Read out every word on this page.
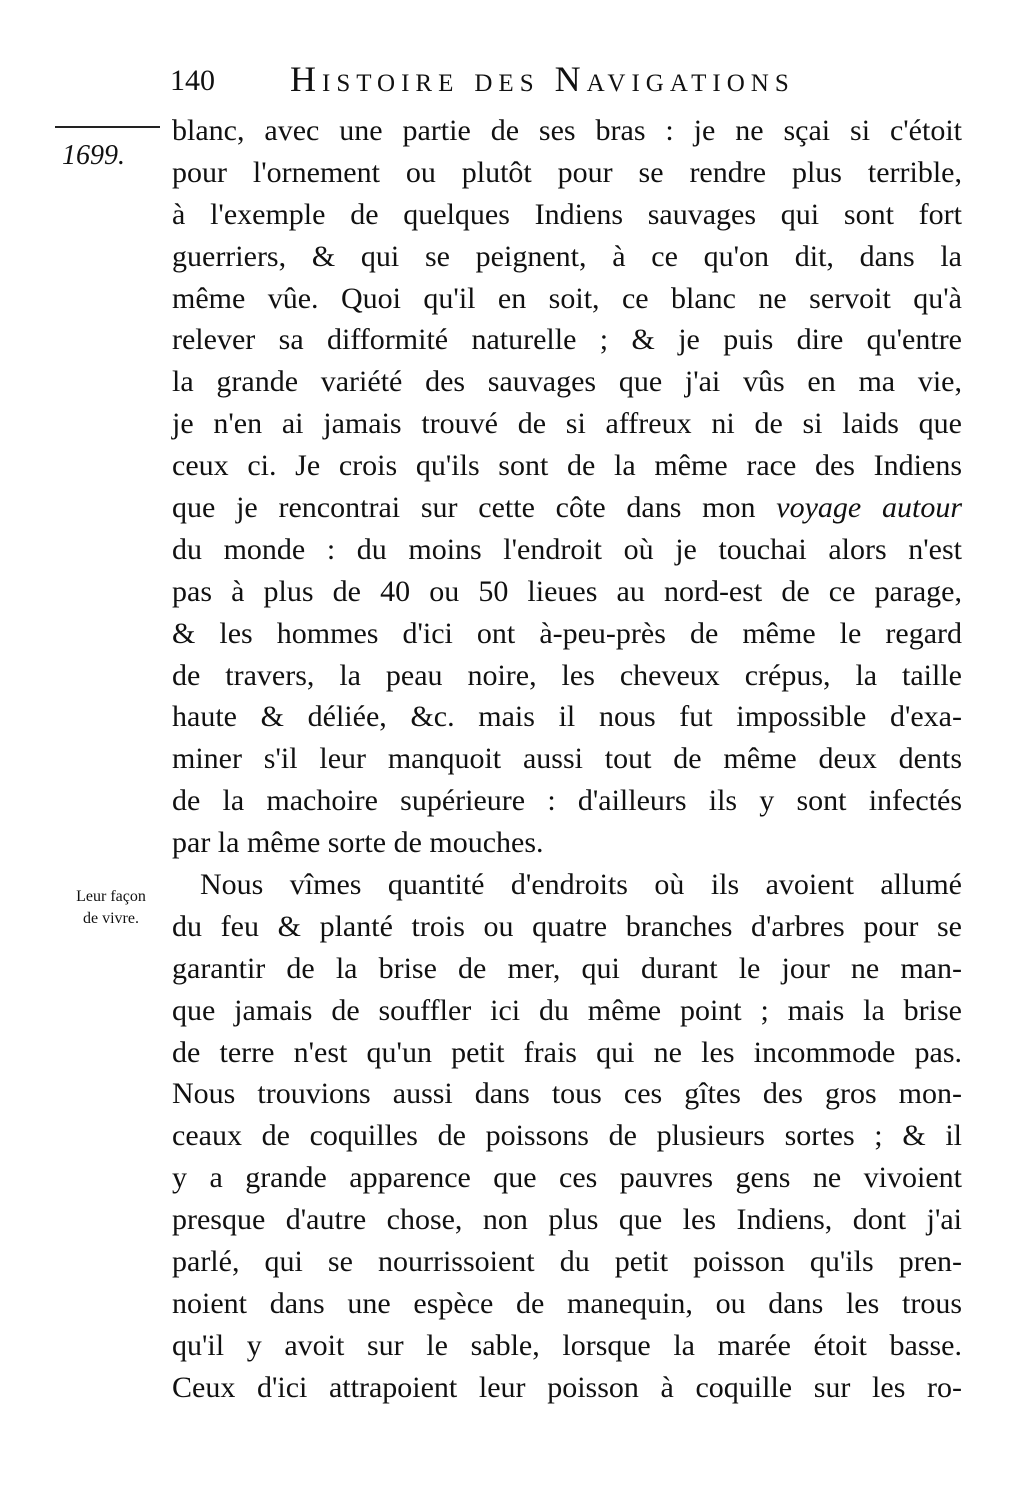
140 Histoire des Navigations
1699.
Leur façon
de vivre.
blanc, avec une partie de ses bras : je ne sçai si c'étoit
pour l'ornement ou plutôt pour se rendre plus terrible,
à l'exemple de quelques Indiens sauvages qui sont fort
guerriers, & qui se peignent, à ce qu'on dit, dans la
même vûe. Quoi qu'il en soit, ce blanc ne servoit qu'à
relever sa difformité naturelle ; & je puis dire qu'entre
la grande variété des sauvages que j'ai vûs en ma vie,
je n'en ai jamais trouvé de si affreux ni de si laids que
ceux ci. Je crois qu'ils sont de la même race des Indiens
que je rencontrai sur cette côte dans mon voyage autour
du monde : du moins l'endroit où je touchai alors n'est
pas à plus de 40 ou 50 lieues au nord-est de ce parage,
& les hommes d'ici ont à-peu-près de même le regard
de travers, la peau noire, les cheveux crépus, la taille
haute & déliée, &c. mais il nous fut impossible d'exa-
miner s'il leur manquoit aussi tout de même deux dents
de la machoire supérieure : d'ailleurs ils y sont infectés
par la même sorte de mouches.
Nous vîmes quantité d'endroits où ils avoient allumé
du feu & planté trois ou quatre branches d'arbres pour se
garantir de la brise de mer, qui durant le jour ne man-
que jamais de souffler ici du même point ; mais la brise
de terre n'est qu'un petit frais qui ne les incommode pas.
Nous trouvions aussi dans tous ces gîtes des gros mon-
ceaux de coquilles de poissons de plusieurs sortes ; & il
y a grande apparence que ces pauvres gens ne vivoient
presque d'autre chose, non plus que les Indiens, dont j'ai
parlé, qui se nourrissoient du petit poisson qu'ils pren-
noient dans une espèce de manequin, ou dans les trous
qu'il y avoit sur le sable, lorsque la marée étoit basse.
Ceux d'ici attrapoient leur poisson à coquille sur les ro-
